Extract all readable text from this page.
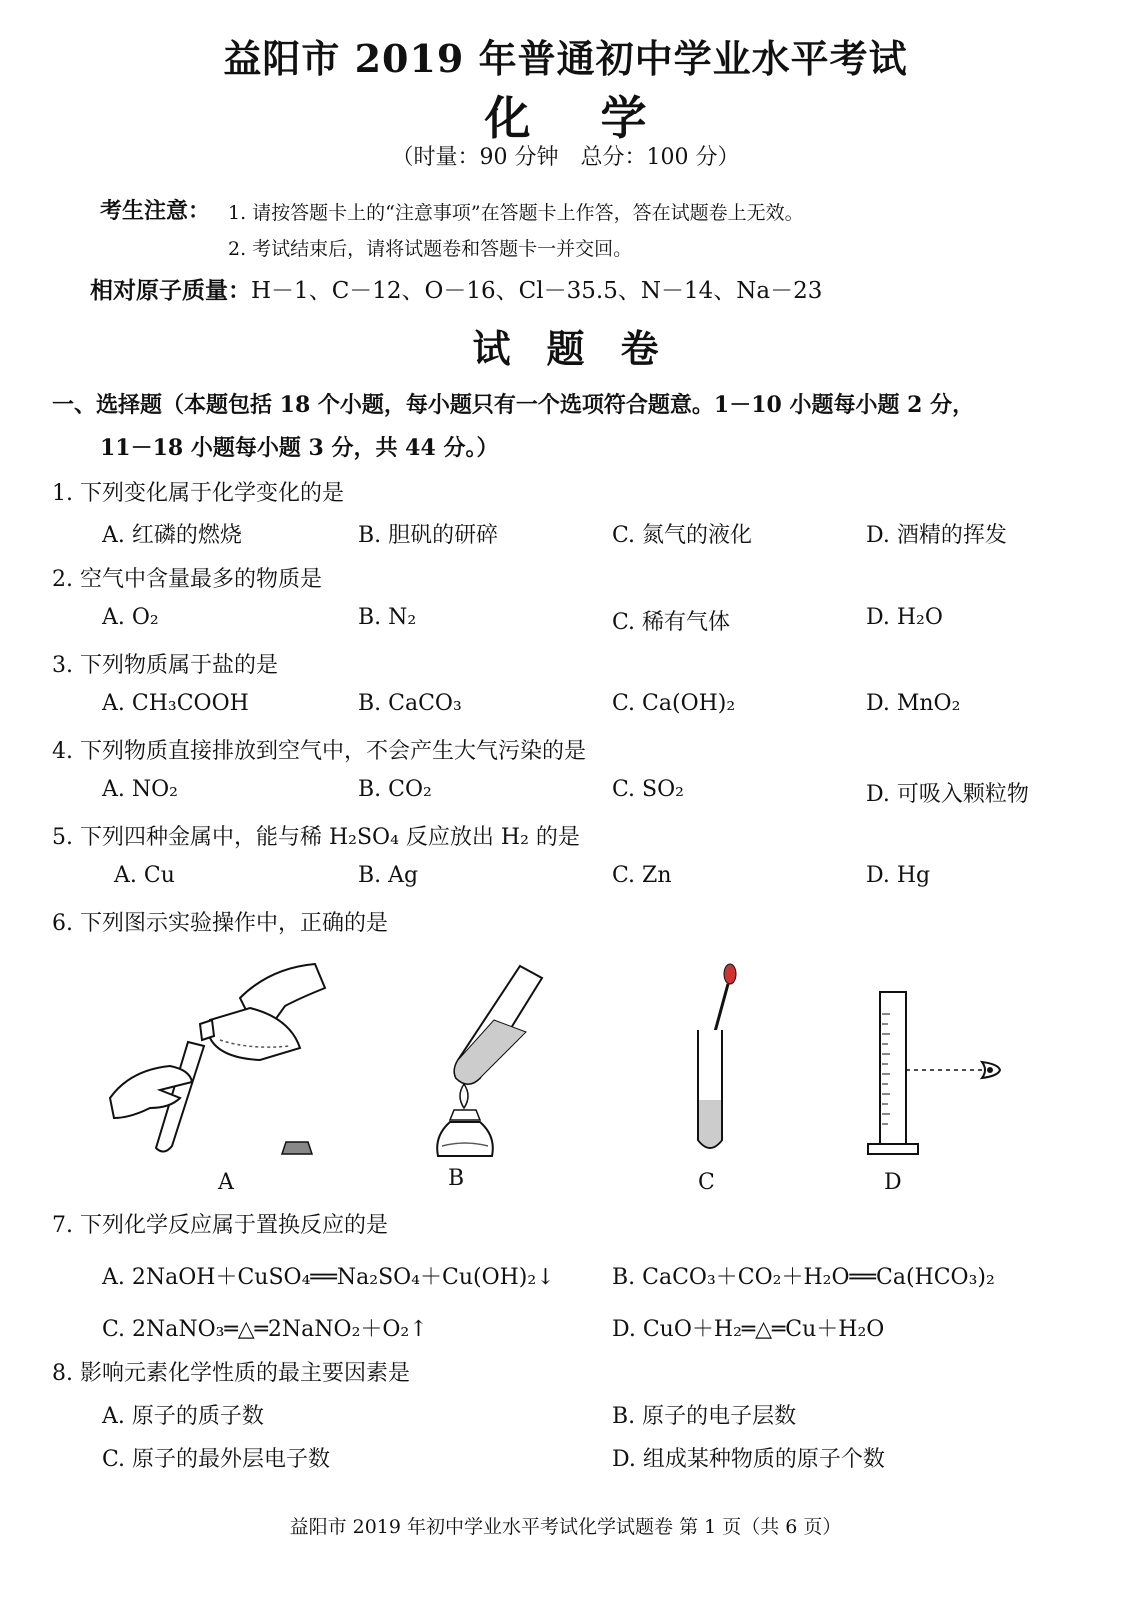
益阳市 2019 年普通初中学业水平考试
化学
（时量：90 分钟　总分：100 分）
考生注意： 1. 请按答题卡上的“注意事项”在答题卡上作答，答在试题卷上无效。
2. 考试结束后，请将试题卷和答题卡一并交回。
相对原子质量：H－1、C－12、O－16、Cl－35.5、N－14、Na－23
试题卷
一、选择题（本题包括 18 个小题，每小题只有一个选项符合题意。1－10 小题每小题 2 分，
11－18 小题每小题 3 分，共 44 分。）
1. 下列变化属于化学变化的是
A. 红磷的燃烧	B. 胆矾的研碎	C. 氮气的液化	D. 酒精的挥发
2. 空气中含量最多的物质是
A. O₂	B. N₂	C. 稀有气体	D. H₂O
3. 下列物质属于盐的是
A. CH₃COOH	B. CaCO₃	C. Ca(OH)₂	D. MnO₂
4. 下列物质直接排放到空气中，不会产生大气污染的是
A. NO₂	B. CO₂	C. SO₂	D. 可吸入颗粒物
5. 下列四种金属中，能与稀 H₂SO₄ 反应放出 H₂ 的是
A. Cu	B. Ag	C. Zn	D. Hg
6. 下列图示实验操作中，正确的是
A	B	C	D
7. 下列化学反应属于置换反应的是
A. 2NaOH＋CuSO₄══Na₂SO₄＋Cu(OH)₂↓	B. CaCO₃＋CO₂＋H₂O══Ca(HCO₃)₂
C. 2NaNO₃═△═2NaNO₂＋O₂↑	D. CuO＋H₂═△═Cu＋H₂O
8. 影响元素化学性质的最主要因素是
A. 原子的质子数	B. 原子的电子层数
C. 原子的最外层电子数	D. 组成某种物质的原子个数
益阳市 2019 年初中学业水平考试化学试题卷 第 1 页（共 6 页）
